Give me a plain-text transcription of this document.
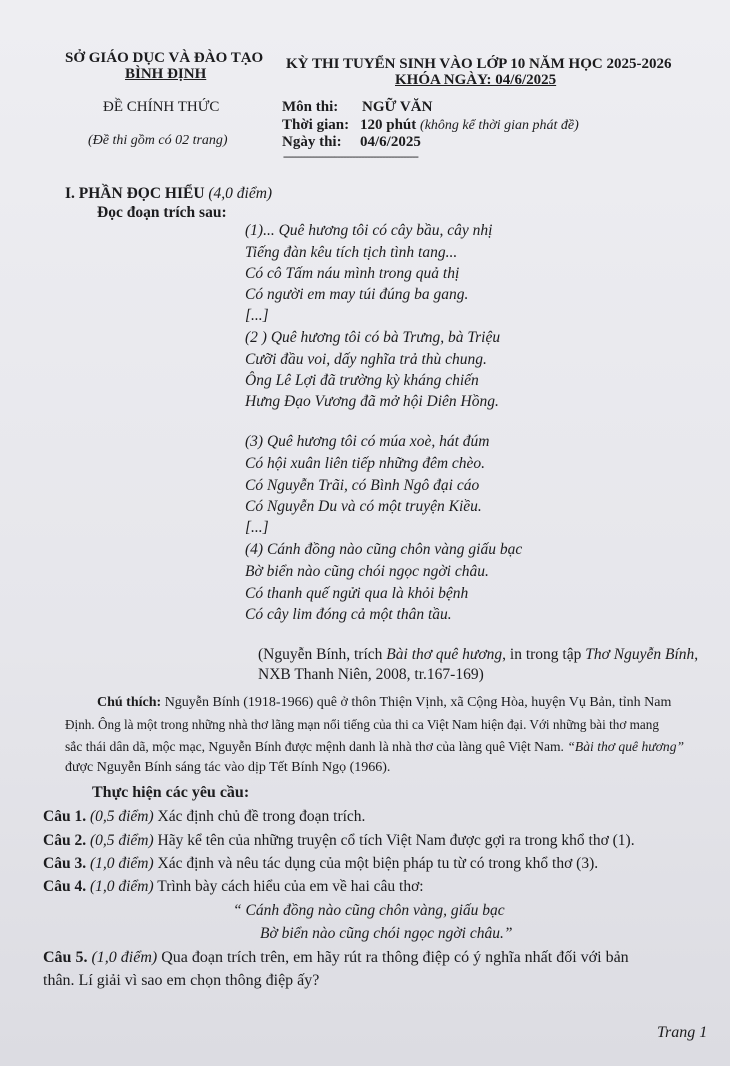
SỞ GIÁO DỤC VÀ ĐÀO TẠO
BÌNH ĐỊNH
ĐỀ CHÍNH THỨC
(Đề thi gồm có 02 trang)
KỲ THI TUYỂN SINH VÀO LỚP 10 NĂM HỌC 2025-2026
KHÓA NGÀY: 04/6/2025
Môn thi: NGỮ VĂN
Thời gian: 120 phút (không kể thời gian phát đề)
Ngày thi: 04/6/2025
---------------------------------------------
I. PHẦN ĐỌC HIỂU (4,0 điểm)
Đọc đoạn trích sau:
(1)... Quê hương tôi có cây bầu, cây nhị
Tiếng đàn kêu tích tịch tình tang...
Có cô Tấm náu mình trong quả thị
Có người em may túi đúng ba gang.
[...]
(2 ) Quê hương tôi có bà Trưng, bà Triệu
Cưỡi đầu voi, dấy nghĩa trả thù chung.
Ông Lê Lợi đã trường kỳ kháng chiến
Hưng Đạo Vương đã mở hội Diên Hồng.
(3) Quê hương tôi có múa xoè, hát đúm
Có hội xuân liên tiếp những đêm chèo.
Có Nguyễn Trãi, có Bình Ngô đại cáo
Có Nguyễn Du và có một truyện Kiều.
[...]
(4) Cánh đồng nào cũng chôn vàng giấu bạc
Bờ biển nào cũng chói ngọc ngời châu.
Có thanh quế ngửi qua là khỏi bệnh
Có cây lim đóng cả một thân tầu.
(Nguyễn Bính, trích Bài thơ quê hương, in trong tập Thơ Nguyễn Bính,
NXB Thanh Niên, 2008, tr.167-169)
Chú thích: Nguyễn Bính (1918-1966) quê ở thôn Thiện Vịnh, xã Cộng Hòa, huyện Vụ Bản, tỉnh Nam
Định. Ông là một trong những nhà thơ lãng mạn nổi tiếng của thi ca Việt Nam hiện đại. Với những bài thơ mang
sắc thái dân dã, mộc mạc, Nguyễn Bính được mệnh danh là nhà thơ của làng quê Việt Nam. “Bài thơ quê hương”
được Nguyễn Bính sáng tác vào dịp Tết Bính Ngọ (1966).
Thực hiện các yêu cầu:
Câu 1. (0,5 điểm) Xác định chủ đề trong đoạn trích.
Câu 2. (0,5 điểm) Hãy kể tên của những truyện cổ tích Việt Nam được gợi ra trong khổ thơ (1).
Câu 3. (1,0 điểm) Xác định và nêu tác dụng của một biện pháp tu từ có trong khổ thơ (3).
Câu 4. (1,0 điểm) Trình bày cách hiểu của em về hai câu thơ:
“ Cánh đồng nào cũng chôn vàng, giấu bạc
Bờ biển nào cũng chói ngọc ngời châu.”
Câu 5. (1,0 điểm) Qua đoạn trích trên, em hãy rút ra thông điệp có ý nghĩa nhất đối với bản
thân. Lí giải vì sao em chọn thông điệp ấy?
Trang 1
